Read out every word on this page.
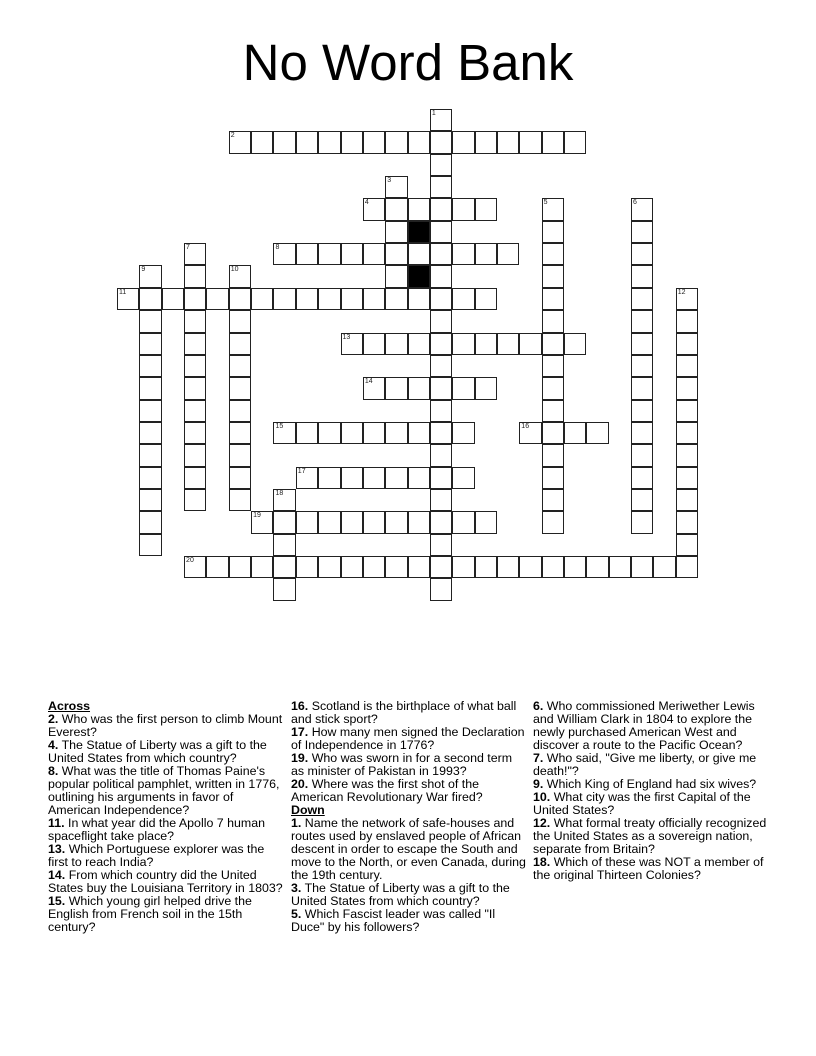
No Word Bank
1
2
3
4	5	6
7	8
9	10
11	12
13
14
15	16
17
18
19
20
Across
2. Who was the first person to climb Mount Everest?
4. The Statue of Liberty was a gift to the United States from which country?
8. What was the title of Thomas Paine's popular political pamphlet, written in 1776, outlining his arguments in favor of American Independence?
11. In what year did the Apollo 7 human spaceflight take place?
13. Which Portuguese explorer was the first to reach India?
14. From which country did the United States buy the Louisiana Territory in 1803?
15. Which young girl helped drive the English from French soil in the 15th century?
16. Scotland is the birthplace of what ball and stick sport?
17. How many men signed the Declaration of Independence in 1776?
19. Who was sworn in for a second term as minister of Pakistan in 1993?
20. Where was the first shot of the American Revolutionary War fired?
Down
1. Name the network of safe-houses and routes used by enslaved people of African descent in order to escape the South and move to the North, or even Canada, during the 19th century.
3. The Statue of Liberty was a gift to the United States from which country?
5. Which Fascist leader was called "Il Duce" by his followers?
6. Who commissioned Meriwether Lewis and William Clark in 1804 to explore the newly purchased American West and discover a route to the Pacific Ocean?
7. Who said, "Give me liberty, or give me death!"?
9. Which King of England had six wives?
10. What city was the first Capital of the United States?
12. What formal treaty officially recognized the United States as a sovereign nation, separate from Britain?
18. Which of these was NOT a member of the original Thirteen Colonies?
